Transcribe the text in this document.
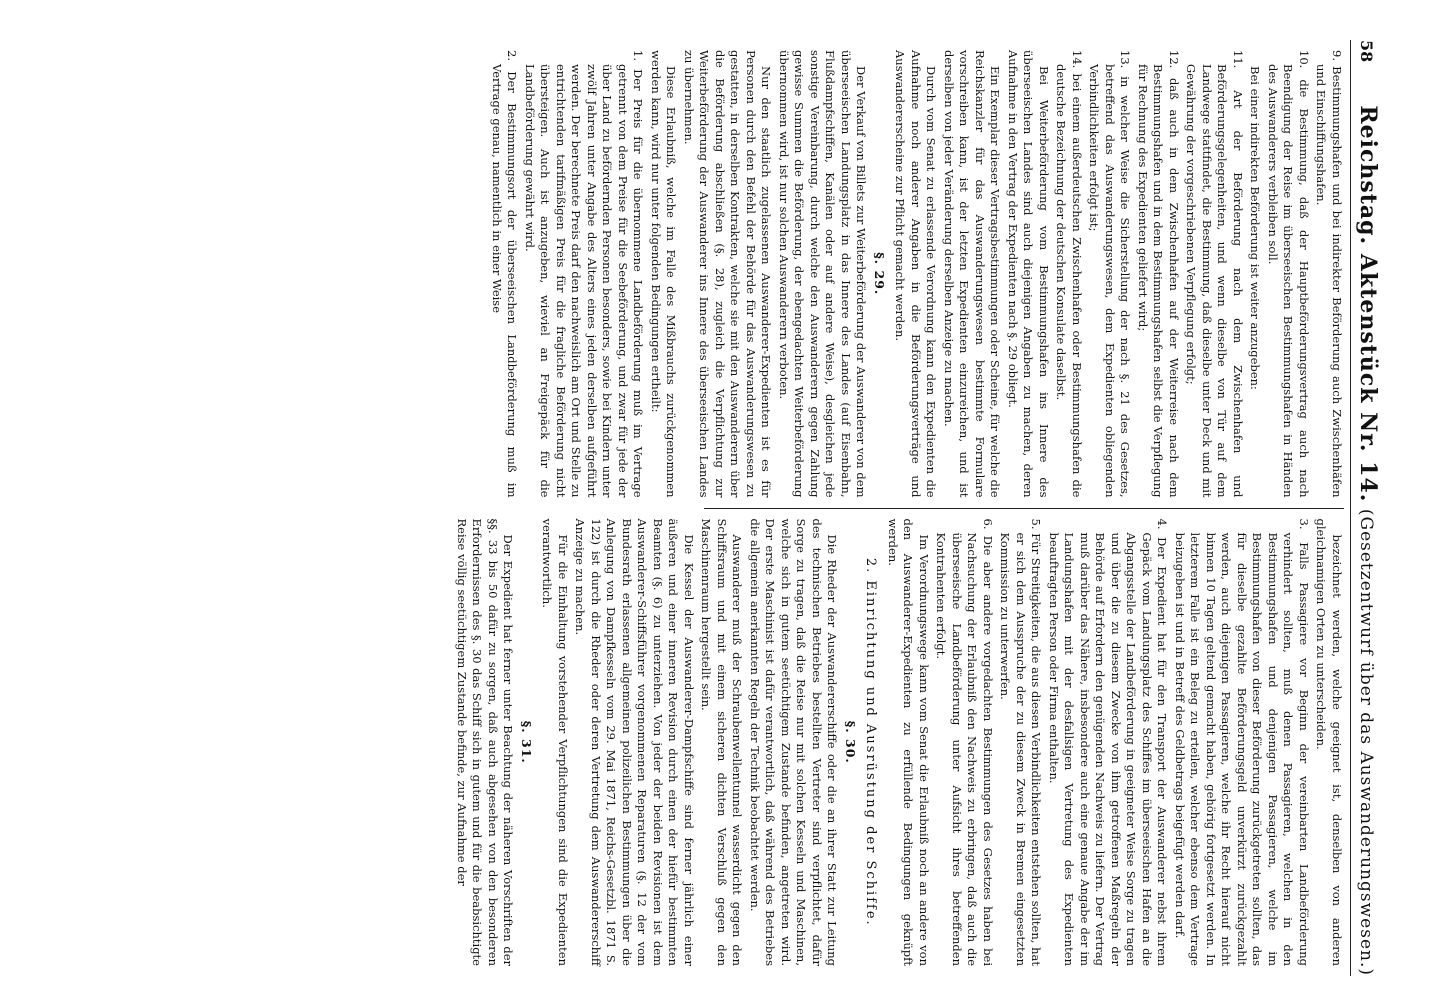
58
Reichstag. Aktenstück Nr. 14. (Gesetzentwurf über das Auswanderungswesen.)

9. Bestimmungshafen und bei indirekter Beförderung auch Zwischenhäfen und Einschiffungshafen.

10. die Bestimmung, daß der Hauptbeförderungsvertrag auch nach Beendigung der Reise im überseeischen Bestimmungshafen in Händen des Auswanderers verbleiben soll.

Bei einer indirekten Beförderung ist weiter anzugeben:

11. Art der Beförderung nach dem Zwischenhafen und Beförderungsgelegenheiten, und wenn dieselbe von Tür auf dem Landwege stattfindet, die Bestimmung, daß dieselbe unter Deck und mit Gewährung der vorgeschriebenen Verpflegung erfolgt;

12. daß auch in dem Zwischenhafen auf der Weiterreise nach dem Bestimmungshafen und in dem Bestimmungshafen selbst die Verpflegung für Rechnung des Expedienten geliefert wird;

13. in welcher Weise die Sicherstellung der nach §. 21 des Gesetzes, betreffend das Auswanderungswesen, dem Expedienten obliegenden Verbindlichkeiten erfolgt ist;

14. bei einem außerdeutschen Zwischenhafen oder Bestimmungshafen die deutsche Bezeichnung der deutschen Konsulate daselbst.

Bei Weiterbeförderung vom Bestimmungshafen ins Innere des überseeischen Landes sind auch diejenigen Angaben zu machen, deren Aufnahme in den Vertrag der Expedienten nach §. 29 obliegt.

Ein Exemplar dieser Vertragsbestimmungen oder Scheine, für welche die Reichskanzler für das Auswanderungswesen bestimmte Formulare vorschreiben kann, ist der letzten Expedienten einzureichen, und ist derselben von jeder Veränderung derselben Anzeige zu machen.

Durch vom Senat zu erlassende Verordnung kann den Expedienten die Aufnahme noch anderer Angaben in die Beförderungsverträge und Auswandererscheine zur Pflicht gemacht werden.

§. 29.

Der Verkauf von Billets zur Weiterbeförderung der Auswanderer von dem überseeischen Landungsplatz in das Innere des Landes (auf Eisenbahn, Flußdampfschiffen, Kanälen oder auf andere Weise), desgleichen jede sonstige Vereinbarung, durch welche den Auswanderern gegen Zahlung gewisse Summen die Beförderung, der ebengedachten Weiterbeförderung übernommen wird, ist nur solchen Auswanderern verboten.

Nur den staatlich zugelassenen Auswanderer-Expedienten ist es für Personen durch den Befehl der Behörde für das Auswanderungswesen zu gestatten, in derselben Kontrakten, welche sie mit den Auswanderern über die Beförderung abschließen (§. 28), zugleich die Verpflichtung zur Weiterbeförderung der Auswanderer ins Innere des überseeischen Landes zu übernehmen.

Diese Erlaubniß, welche im Falle des Mißbrauchs zurückgenommen werden kann, wird nur unter folgenden Bedingungen ertheilt:

1. Der Preis für die übernommene Landbeförderung muß im Vertrage getrennt von dem Preise für die Seebeförderung, und zwar für jede der über Land zu befördernden Personen besonders, sowie bei Kindern unter zwölf Jahren unter Angabe des Alters eines jeden derselben aufgeführt werden. Der berechnete Preis darf den nachweislich am Ort und Stelle zu entrichtenden tarifmäßigen Preis für die fragliche Beförderung nicht übersteigen. Auch ist anzugeben, wieviel an Freigepäck für die Landbeförderung gewährt wird.

2. Der Bestimmungsort der überseeischen Landbeförderung muß im Vertrage genau, namentlich in einer Weise

bezeichnet werden, welche geeignet ist, denselben von anderen gleichnamigen Orten zu unterscheiden.

3. Falls Passagiere vor Beginn der vereinbarten Landbeförderung verhindert sollten, muß denen Passagieren, welchen in den Bestimmungshafen und denjenigen Passagieren, welche im Bestimmungshafen von dieser Beförderung zurückgetreten sollten, das für dieselbe gezahlte Beförderungsgeld unverkürzt zurückgezahlt werden, auch diejenigen Passagieren, welche ihr Recht hierauf nicht binnen 10 Tagen geltend gemacht haben, gehörig fortgesetzt werden. In letzterem Falle ist ein Beleg zu erteilen, welcher ebenso dem Vertrage beizugeben ist und in Betreff des Geldbetrags beigefügt werden darf.

4. Der Expedient hat für den Transport der Auswanderer nebst ihrem Gepäck vom Landungsplatz des Schiffes im überseeischen Hafen an die Abgangsstelle der Landbeförderung in geeigneter Weise Sorge zu tragen und über die zu diesem Zwecke von ihm getroffenen Maßregeln der Behörde auf Erfordern den genügenden Nachweis zu liefern. Der Vertrag muß darüber das Nähere, insbesondere auch eine genaue Angabe der im Landungshafen mit der desfallsigen Vertretung des Expedienten beauftragten Person oder Firma enthalten.

5. Für Streitigkeiten, die aus diesen Verbindlichkeiten entstehen sollten, hat er sich dem Ausspruche der zu diesem Zweck in Bremen eingesetzten Kommission zu unterwerfen.

6. Die aber andere vorgedachten Bestimmungen des Gesetzes haben bei Nachsuchung der Erlaubniß den Nachweis zu erbringen, daß auch die überseeische Landbeförderung unter Aufsicht ihres betreffenden Kontrahenten erfolgt.

Im Verordnungswege kann vom Senat die Erlaubniß noch an andere von den Auswanderer-Expedienten zu erfüllende Bedingungen geknüpft werden.

2. Einrichtung und Ausrüstung der Schiffe.

§. 30.

Die Rheder der Auswandererschiffe oder die an ihrer Statt zur Leitung des technischen Betriebes bestellten Vertreter sind verpflichtet, dafür Sorge zu tragen, daß die Reise nur mit solchen Kesseln und Maschinen, welche sich in gutem seetüchtigem Zustande befinden, angetreten wird. Der erste Maschinist ist dafür verantwortlich, daß während des Betriebes die allgemein anerkannten Regeln der Technik beobachtet werden.

Auswanderer muß der Schraubenwellentunnel wasserdicht gegen den Schiffsraum und mit einem sicheren dichten Verschluß gegen den Maschinenraum hergestellt sein.

Die Kessel der Auswanderer-Dampfschiffe sind ferner jährlich einer äußeren und einer inneren Revision durch einen der hiefür bestimmten Beamten (§. 6) zu unterziehen. Von jeder der beiden Revisionen ist dem Auswanderer-Schiffsführer vorgenommenen Reparaturen (§. 12 der vom Bundesrath erlassenen allgemeinen polizeilichen Bestimmungen über die Anlegung von Dampfkesseln vom 29. Mai 1871, Reichs-Gesetzbl. 1871 S. 122) ist durch die Rheder oder deren Vertretung dem Auswandererschiff Anzeige zu machen.

Für die Einhaltung vorstehender Verpflichtungen sind die Expedienten verantwortlich.

§. 31.

Der Expedient hat ferner unter Beachtung der näheren Vorschriften der §§. 33 bis 50 dafür zu sorgen, daß auch abgesehen von den besonderen Erfordernissen des §. 30 das Schiff sich in gutem und für die beabsichtigte Reise völlig seetüchtigem Zustande befinde, zur Aufnahme der
